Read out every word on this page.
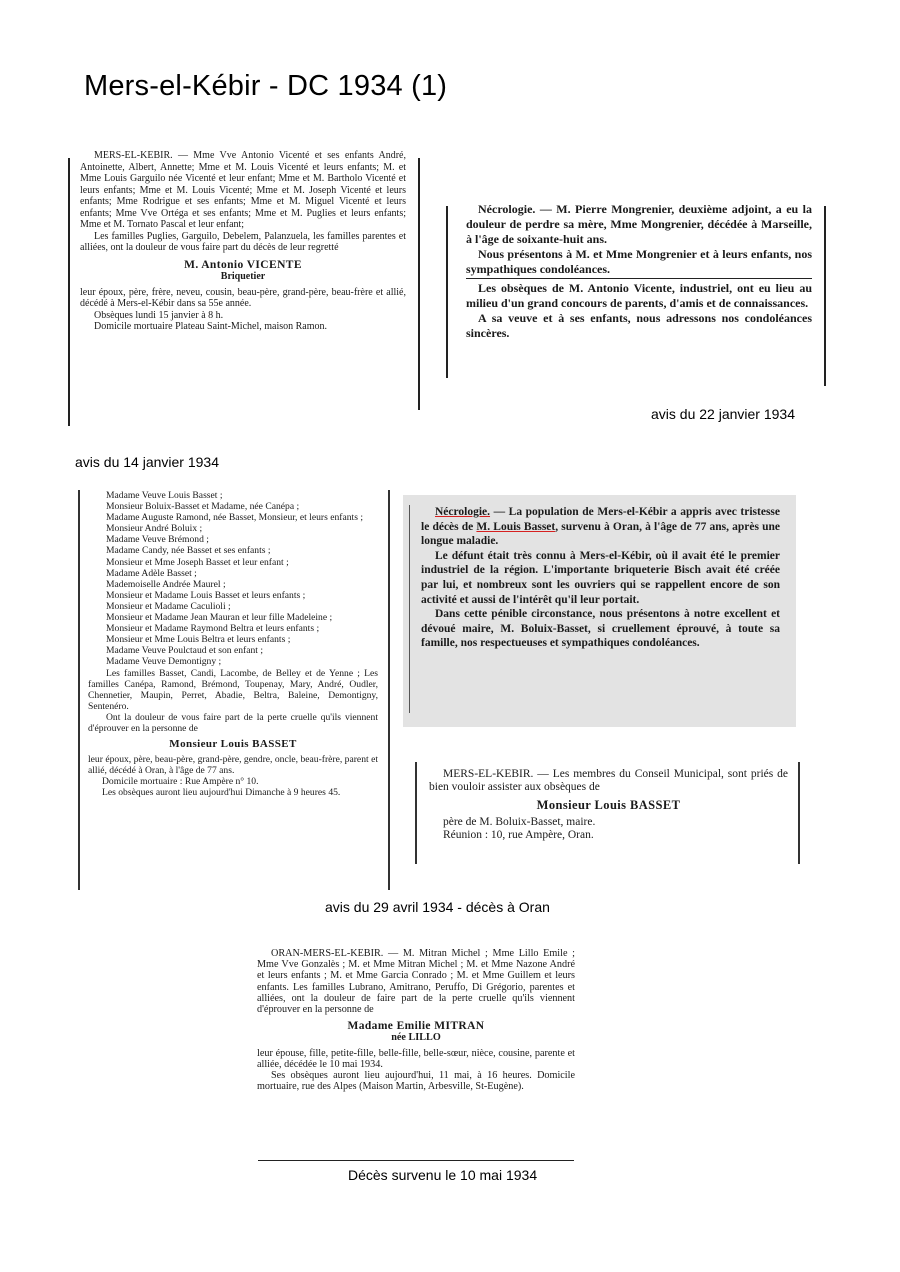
Mers-el-Kébir - DC 1934 (1)

MERS-EL-KEBIR. — Mme Vve Antonio Vicenté et ses enfants André, Antoinette, Albert, Annette; Mme et M. Louis Vicenté et leurs enfants; M. et Mme Louis Garguilo née Vicenté et leur enfant; Mme et M. Bartholo Vicenté et leurs enfants; Mme et M. Louis Vicenté; Mme et M. Joseph Vicenté et leurs enfants; Mme Rodrigue et ses enfants; Mme et M. Miguel Vicenté et leurs enfants; Mme Vve Ortéga et ses enfants; Mme et M. Puglies et leurs enfants; Mme et M. Tornato Pascal et leur enfant;

Les familles Puglies, Garguilo, Debelem, Palanzuela, les familles parentes et alliées, ont la douleur de vous faire part du décès de leur regretté

M. Antonio VICENTE

Briquetier

leur époux, père, frère, neveu, cousin, beau-père, grand-père, beau-frère et allié, décédé à Mers-el-Kébir dans sa 55e année.

Obsèques lundi 15 janvier à 8 h.

Domicile mortuaire Plateau Saint-Michel, maison Ramon.

avis du 14 janvier 1934

Nécrologie. — M. Pierre Mongrenier, deuxième adjoint, a eu la douleur de perdre sa mère, Mme Mongrenier, décédée à Marseille, à l'âge de soixante-huit ans.

Nous présentons à M. et Mme Mongrenier et à leurs enfants, nos sympathiques condoléances.

Les obsèques de M. Antonio Vicente, industriel, ont eu lieu au milieu d'un grand concours de parents, d'amis et de connaissances.

A sa veuve et à ses enfants, nous adressons nos condoléances sincères.

avis du 22 janvier 1934

Madame Veuve Louis Basset ;

Monsieur Boluix-Basset et Madame, née Canépa ;

Madame Auguste Ramond, née Basset, Monsieur, et leurs enfants ;

Monsieur André Boluix ;

Madame Veuve Brémond ;

Madame Candy, née Basset et ses enfants ;

Monsieur et Mme Joseph Basset et leur enfant ;

Madame Adèle Basset ;

Mademoiselle Andrée Maurel ;

Monsieur et Madame Louis Basset et leurs enfants ;

Monsieur et Madame Caculioli ;

Monsieur et Madame Jean Mauran et leur fille Madeleine ;

Monsieur et Madame Raymond Beltra et leurs enfants ;

Monsieur et Mme Louis Beltra et leurs enfants ;

Madame Veuve Poulctaud et son enfant ;

Madame Veuve Demontigny ;

Les familles Basset, Candi, Lacombe, de Belley et de Yenne ; Les familles Canépa, Ramond, Brémond, Toupenay, Mary, André, Oudler, Chennetier, Maupin, Perret, Abadie, Beltra, Baleine, Demontigny, Sentenéro.

Ont la douleur de vous faire part de la perte cruelle qu'ils viennent d'éprouver en la personne de

Monsieur Louis BASSET

leur époux, père, beau-père, grand-père, gendre, oncle, beau-frère, parent et allié, décédé à Oran, à l'âge de 77 ans.

Domicile mortuaire : Rue Ampère n° 10.

Les obsèques auront lieu aujourd'hui Dimanche à 9 heures 45.

Nécrologie. — La population de Mers-el-Kébir a appris avec tristesse le décès de M. Louis Basset, survenu à Oran, à l'âge de 77 ans, après une longue maladie.

Le défunt était très connu à Mers-el-Kébir, où il avait été le premier industriel de la région. L'importante briqueterie Bisch avait été créée par lui, et nombreux sont les ouvriers qui se rappellent encore de son activité et aussi de l'intérêt qu'il leur portait.

Dans cette pénible circonstance, nous présentons à notre excellent et dévoué maire, M. Boluix-Basset, si cruellement éprouvé, à toute sa famille, nos respectueuses et sympathiques condoléances.

MERS-EL-KEBIR. — Les membres du Conseil Municipal, sont priés de bien vouloir assister aux obsèques de

Monsieur Louis BASSET

père de M. Boluix-Basset, maire.

Réunion : 10, rue Ampère, Oran.

avis du 29 avril 1934 - décès à Oran

ORAN-MERS-EL-KEBIR. — M. Mitran Michel ; Mme Lillo Emile ; Mme Vve Gonzalès ; M. et Mme Mitran Michel ; M. et Mme Nazone André et leurs enfants ; M. et Mme Garcia Conrado ; M. et Mme Guillem et leurs enfants. Les familles Lubrano, Amitrano, Peruffo, Di Grégorio, parentes et alliées, ont la douleur de faire part de la perte cruelle qu'ils viennent d'éprouver en la personne de

Madame Emilie MITRAN

née LILLO

leur épouse, fille, petite-fille, belle-fille, belle-sœur, nièce, cousine, parente et alliée, décédée le 10 mai 1934.

Ses obsèques auront lieu aujourd'hui, 11 mai, à 16 heures. Domicile mortuaire, rue des Alpes (Maison Martin, Arbesville, St-Eugène).

Décès survenu le 10 mai 1934
